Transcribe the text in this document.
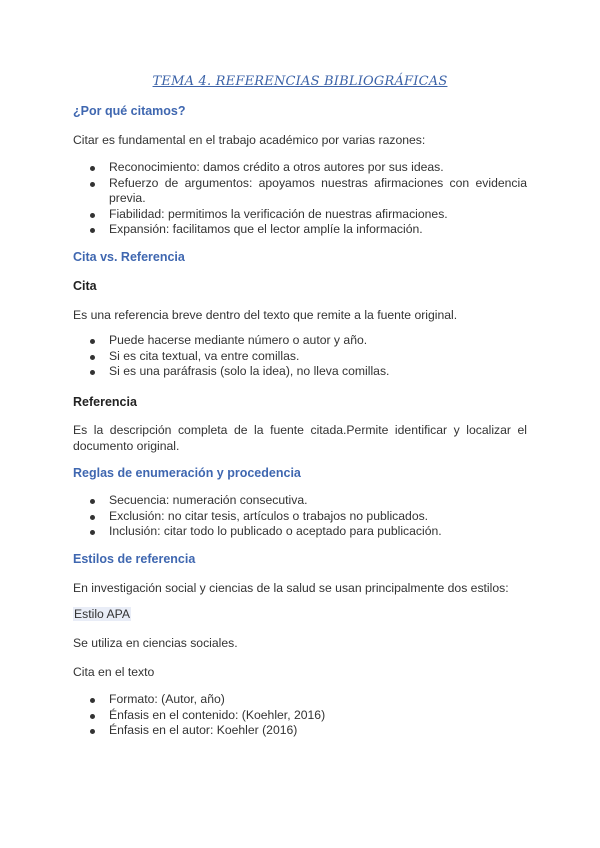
TEMA 4. REFERENCIAS BIBLIOGRÁFICAS
¿Por qué citamos?
Citar es fundamental en el trabajo académico por varias razones:
Reconocimiento: damos crédito a otros autores por sus ideas.
Refuerzo de argumentos: apoyamos nuestras afirmaciones con evidencia previa.
Fiabilidad: permitimos la verificación de nuestras afirmaciones.
Expansión: facilitamos que el lector amplíe la información.
Cita vs. Referencia
Cita
Es una referencia breve dentro del texto que remite a la fuente original.
Puede hacerse mediante número o autor y año.
Si es cita textual, va entre comillas.
Si es una paráfrasis (solo la idea), no lleva comillas.
Referencia
Es la descripción completa de la fuente citada.Permite identificar y localizar el documento original.
Reglas de enumeración y procedencia
Secuencia: numeración consecutiva.
Exclusión: no citar tesis, artículos o trabajos no publicados.
Inclusión: citar todo lo publicado o aceptado para publicación.
Estilos de referencia
En investigación social y ciencias de la salud se usan principalmente dos estilos:
Estilo APA
Se utiliza en ciencias sociales.
Cita en el texto
Formato: (Autor, año)
Énfasis en el contenido: (Koehler, 2016)
Énfasis en el autor: Koehler (2016)
